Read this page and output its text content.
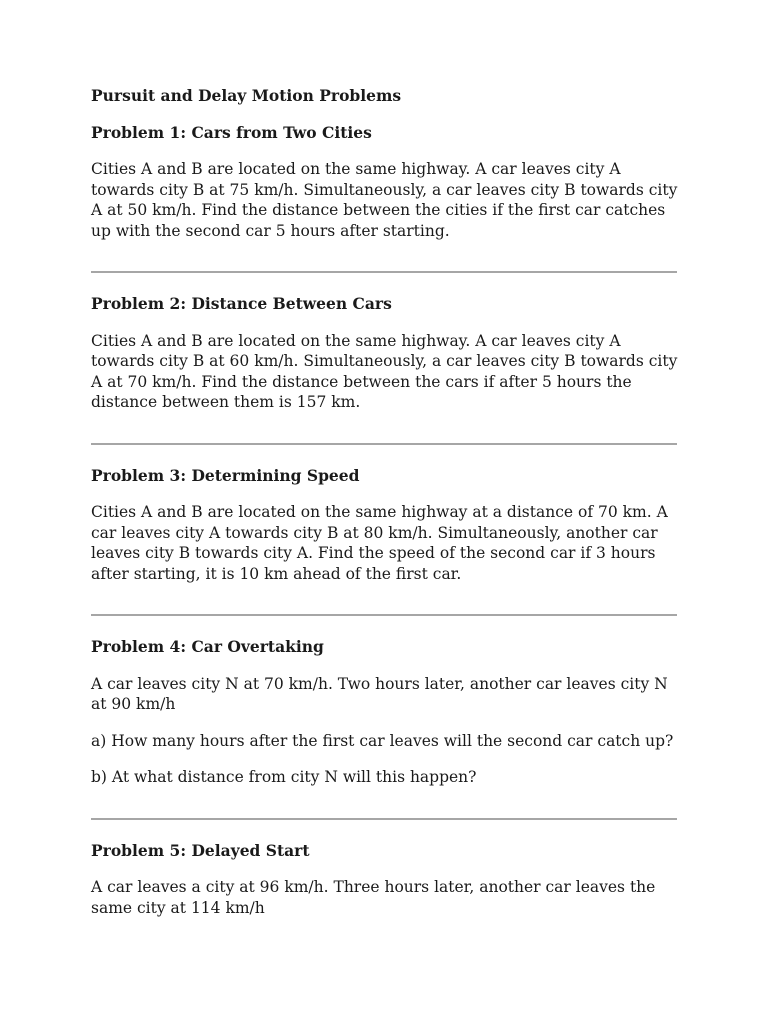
Pursuit and Delay Motion Problems
Problem 1: Cars from Two Cities

Cities A and B are located on the same highway. A car leaves city A towards city B at 75 km/h. Simultaneously, a car leaves city B towards city A at 50 km/h. Find the distance between the cities if the first car catches up with the second car 5 hours after starting.

Problem 2: Distance Between Cars

Cities A and B are located on the same highway. A car leaves city A towards city B at 60 km/h. Simultaneously, a car leaves city B towards city A at 70 km/h. Find the distance between the cars if after 5 hours the distance between them is 157 km.

Problem 3: Determining Speed

Cities A and B are located on the same highway at a distance of 70 km. A car leaves city A towards city B at 80 km/h. Simultaneously, another car leaves city B towards city A. Find the speed of the second car if 3 hours after starting, it is 10 km ahead of the first car.

Problem 4: Car Overtaking

A car leaves city N at 70 km/h. Two hours later, another car leaves city N at 90 km/h

a) How many hours after the first car leaves will the second car catch up?

b) At what distance from city N will this happen?

Problem 5: Delayed Start

A car leaves a city at 96 km/h. Three hours later, another car leaves the same city at 114 km/h
